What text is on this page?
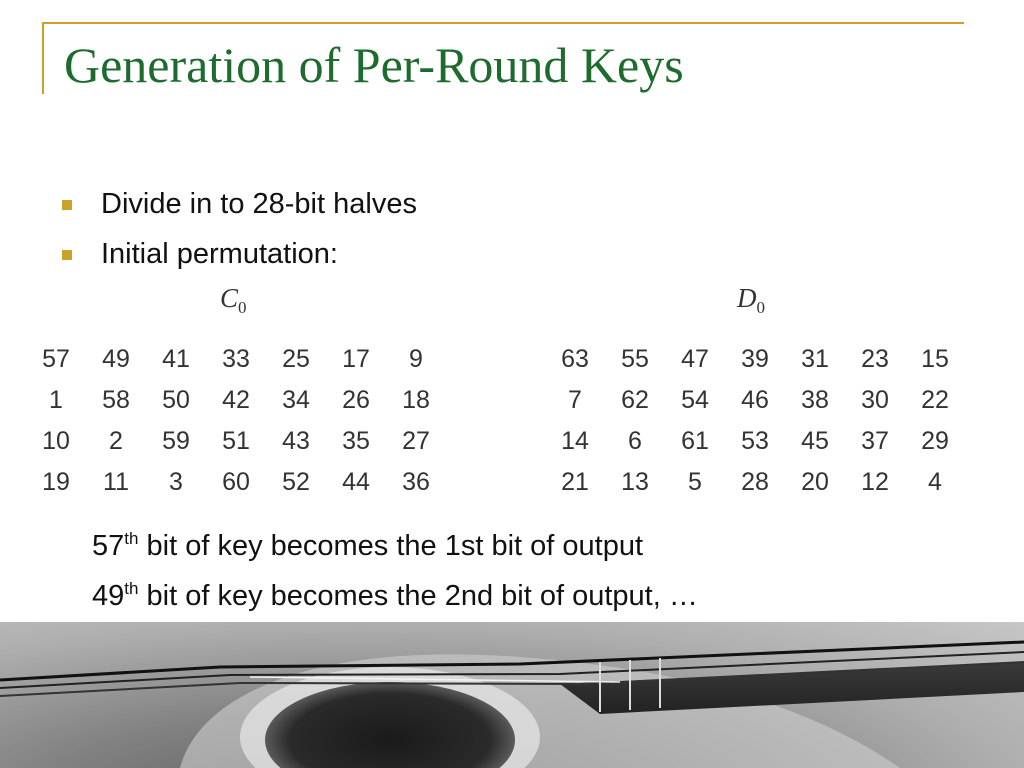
Generation of Per-Round Keys
Divide in to 28-bit halves
Initial permutation:
$C_0$	$D_0$
57	49	41	33	25	17	9
1	58	50	42	34	26	18
10	2	59	51	43	35	27
19	11	3	60	52	44	36
63	55	47	39	31	23	15
7	62	54	46	38	30	22
14	6	61	53	45	37	29
21	13	5	28	20	12	4
57th bit of key becomes the 1st bit of output
49th bit of key becomes the 2nd bit of output, …
